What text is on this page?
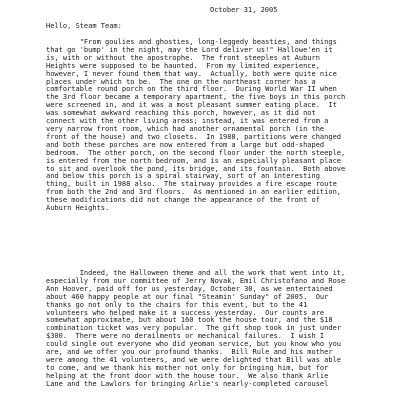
October 31, 2005
Hello, Steam Team:
"From goulies and ghosties, long-leggedy beasties, and things
that go 'bump' in the night, may the Lord deliver us!" Hallowe'en it
is, with or without the apostrophe.  The front steeples at Auburn
Heights were supposed to be haunted.  From my limited experience,
however, I never found them that way.  Actually, both were quite nice
places under which to be.  The one on the northeast corner has a
comfortable round porch on the third floor.  During World War II when
the 3rd floor became a temporary apartment, the five boys in this porch
were screened in, and it was a most pleasant summer eating place.  It
was somewhat awkward reaching this porch, however, as it did not
connect with the other living areas; instead, it was entered from a
very narrow front room, which had another ornamental porch (in the
front of the house) and two closets.  In 1988, partitions were changed
and both these porches are now entered from a large but odd-shaped
bedroom.  The other porch, on the second floor under the north steeple,
is entered from the north bedroom, and is an especially pleasant place
to sit and overlook the pond, its bridge, and its fountain.  Both above
and below this porch is a spiral stairway, sort of an interesting
thing, built in 1988 also.  The stairway provides a fire escape route
from both the 2nd and 3rd floors.  As mentioned in an earlier edition,
these modifications did not change the appearance of the front of
Auburn Heights.
Indeed, the Halloween theme and all the work that went into it,
especially from our committee of Jerry Novak, Emil Christofano and Rose
Ann Hoover, paid off for us yesterday, October 30, as we entertained
about 460 happy people at our final "Steamin' Sunday" of 2005.  Our
thanks go not only to the chairs for this event, but to the 41
volunteers who helped make it a success yesterday.  Our counts are
somewhat approximate, but about 160 took the house tour, and the $18
combination ticket was very popular.  The gift shop took in just under
$300.  There were no derailments or mechanical failures.  I wish I
could single out everyone who did yeoman service, but you know who you
are, and we offer you our profound thanks.  Bill Rule and his mother
were among the 41 volunteers, and we were delighted that Bill was able
to come, and we thank his mother not only for bringing him, but for
helping at the front door with the house tour.  We also thank Arlie
Lane and the Lawlors for bringing Arlie's nearly-completed carousel
